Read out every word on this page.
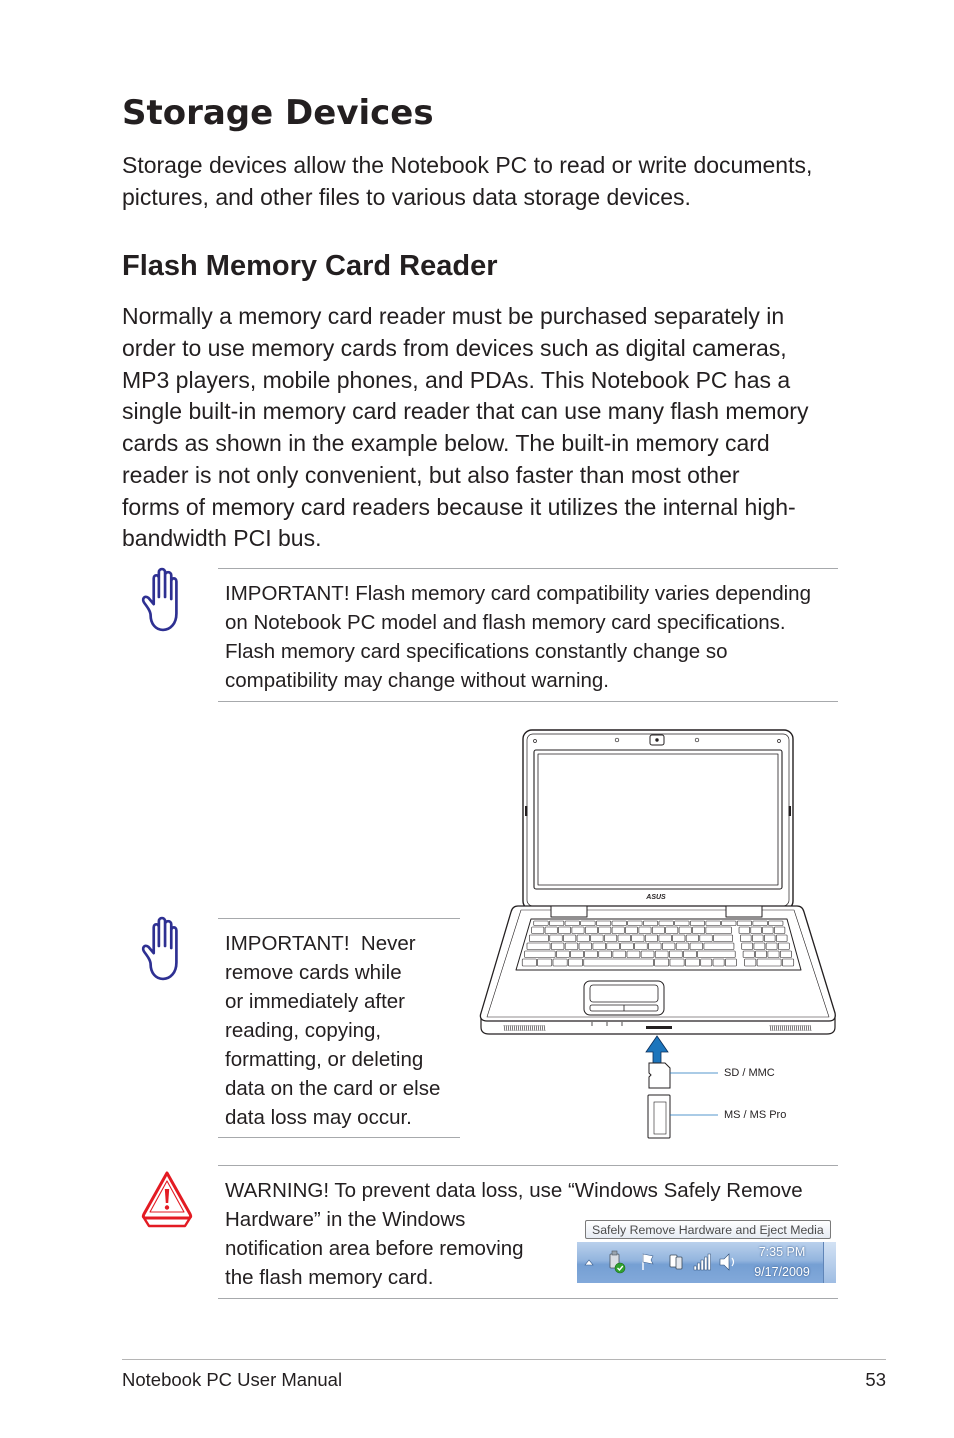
Storage Devices
Storage devices allow the Notebook PC to read or write documents,
pictures, and other files to various data storage devices.
Flash Memory Card Reader
Normally a memory card reader must be purchased separately in
order to use memory cards from devices such as digital cameras,
MP3 players, mobile phones, and PDAs. This Notebook PC has a
single built-in memory card reader that can use many flash memory
cards as shown in the example below. The built-in memory card
reader is not only convenient, but also faster than most other
forms of memory card readers because it utilizes the internal high-
bandwidth PCI bus.
IMPORTANT! Flash memory card compatibility varies depending
on Notebook PC model and flash memory card specifications.
Flash memory card specifications constantly change so
compatibility may change without warning.
ASUS
SD / MMC
MS / MS Pro
IMPORTANT!  Never
remove cards while
or immediately after
reading, copying,
formatting, or deleting
data on the card or else
data loss may occur.
WARNING! To prevent data loss, use “Windows Safely Remove
Hardware” in the Windows
notification area before removing
the flash memory card.
Safely Remove Hardware and Eject Media
7:35 PM
9/17/2009
Notebook PC User Manual	53
